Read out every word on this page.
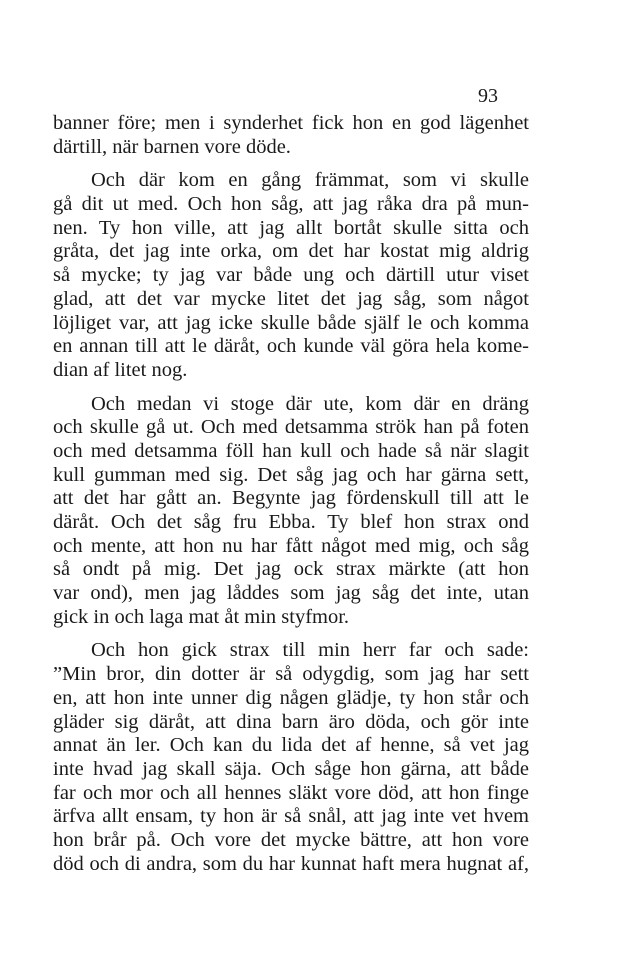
93

banner före; men i synderhet fick hon en god lägenhet
därtill, när barnen vore döde.

Och där kom en gång främmat, som vi skulle
gå dit ut med. Och hon såg, att jag råka dra på mun-
nen. Ty hon ville, att jag allt bortåt skulle sitta och
gråta, det jag inte orka, om det har kostat mig aldrig
så mycke; ty jag var både ung och därtill utur viset
glad, att det var mycke litet det jag såg, som något
löjliget var, att jag icke skulle både själf le och komma
en annan till att le däråt, och kunde väl göra hela kome-
dian af litet nog.

Och medan vi stoge där ute, kom där en dräng
och skulle gå ut. Och med detsamma strök han på foten
och med detsamma föll han kull och hade så när slagit
kull gumman med sig. Det såg jag och har gärna sett,
att det har gått an. Begynte jag fördenskull till att le
däråt. Och det såg fru Ebba. Ty blef hon strax ond
och mente, att hon nu har fått något med mig, och såg
så ondt på mig. Det jag ock strax märkte (att hon
var ond), men jag låddes som jag såg det inte, utan
gick in och laga mat åt min styfmor.

Och hon gick strax till min herr far och sade:
”Min bror, din dotter är så odygdig, som jag har sett
en, att hon inte unner dig någen glädje, ty hon står och
gläder sig däråt, att dina barn äro döda, och gör inte
annat än ler. Och kan du lida det af henne, så vet jag
inte hvad jag skall säja. Och såge hon gärna, att både
far och mor och all hennes släkt vore död, att hon finge
ärfva allt ensam, ty hon är så snål, att jag inte vet hvem
hon brår på. Och vore det mycke bättre, att hon vore
död och di andra, som du har kunnat haft mera hugnat af,
